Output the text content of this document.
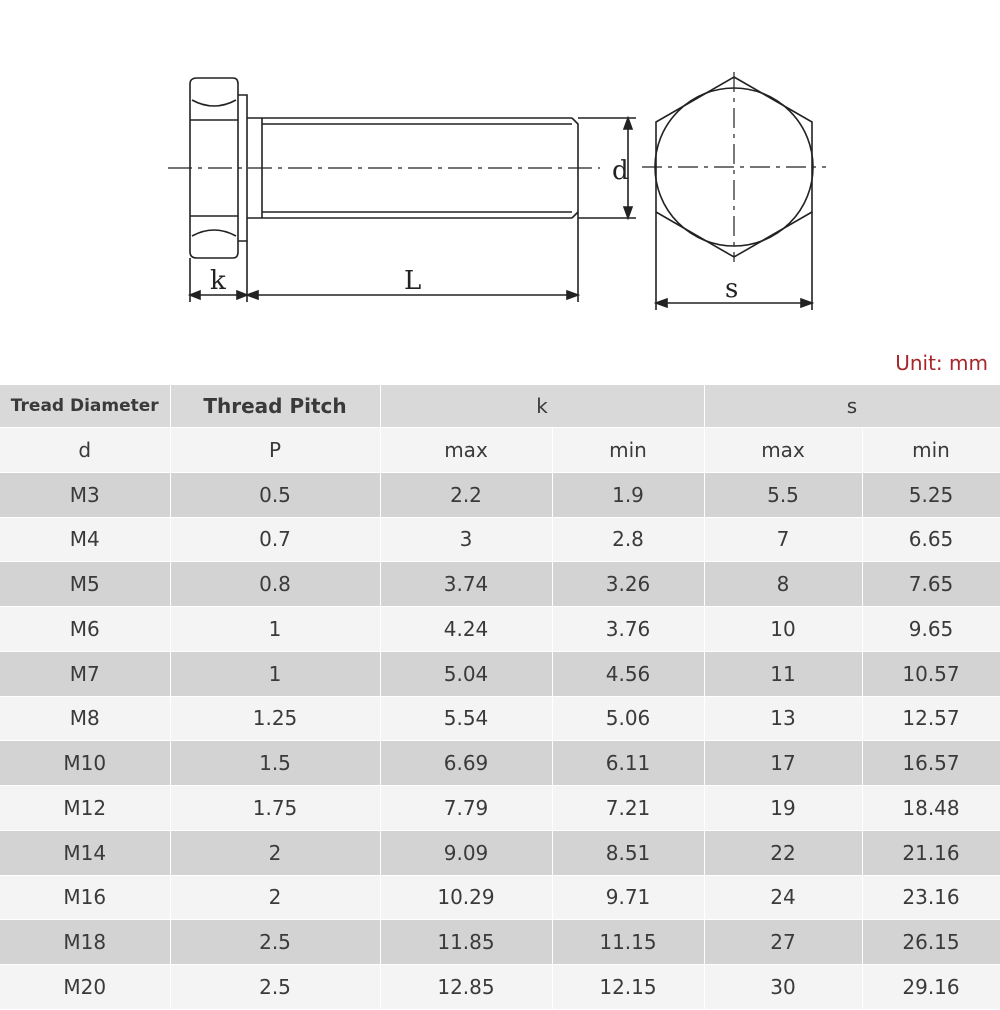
k	L
d
s
Unit: mm
Tread Diameter	Thread Pitch	k		s	
d	P	max	min	max	min
M3	0.5	2.2	1.9	5.5	5.25
M4	0.7	3	2.8	7	6.65
M5	0.8	3.74	3.26	8	7.65
M6	1	4.24	3.76	10	9.65
M7	1	5.04	4.56	11	10.57
M8	1.25	5.54	5.06	13	12.57
M10	1.5	6.69	6.11	17	16.57
M12	1.75	7.79	7.21	19	18.48
M14	2	9.09	8.51	22	21.16
M16	2	10.29	9.71	24	23.16
M18	2.5	11.85	11.15	27	26.15
M20	2.5	12.85	12.15	30	29.16
